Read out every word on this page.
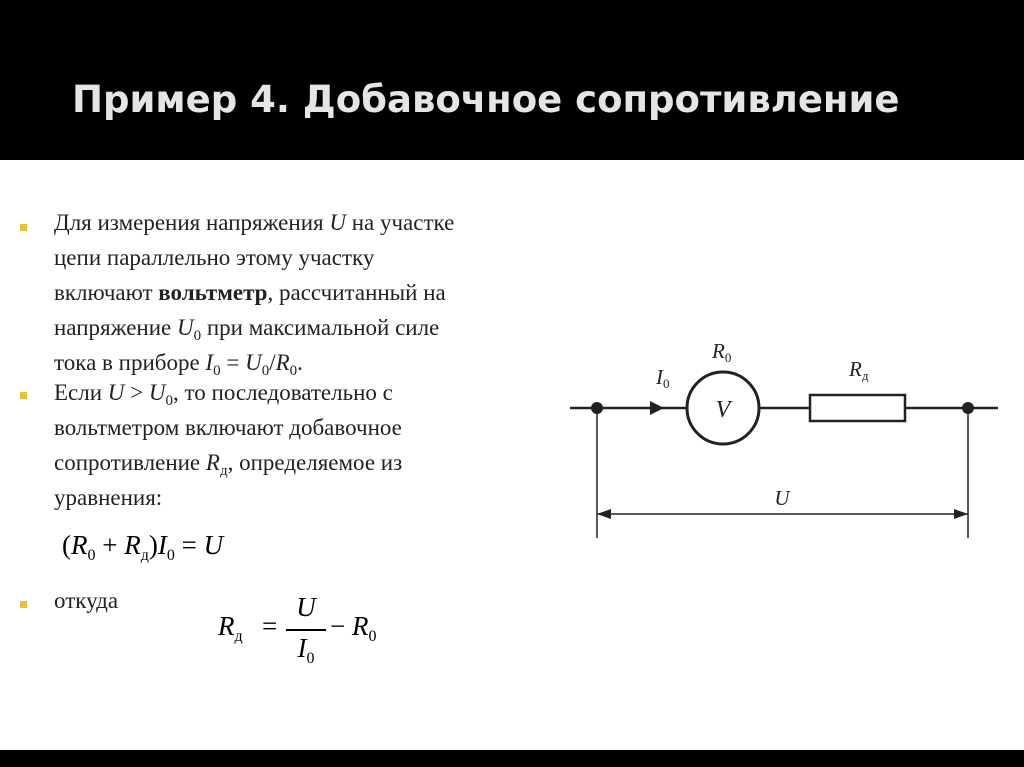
Пример 4. Добавочное сопротивление
Для измерения напряжения U на участке
цепи параллельно этому участку
включают вольтметр, рассчитанный на
напряжение $U_0$ при максимальной силе
тока в приборе $I_0 = U_0/R_0$.
Если $U > U_0$, то последовательно с
вольтметром включают добавочное
сопротивление $R_д$, определяемое из
уравнения:
$(R_0 + R_д)I_0 = U$
откуда
$R_д$ =
U
$I_0$
− $R_0$
V
I0
R0	Rд
U
